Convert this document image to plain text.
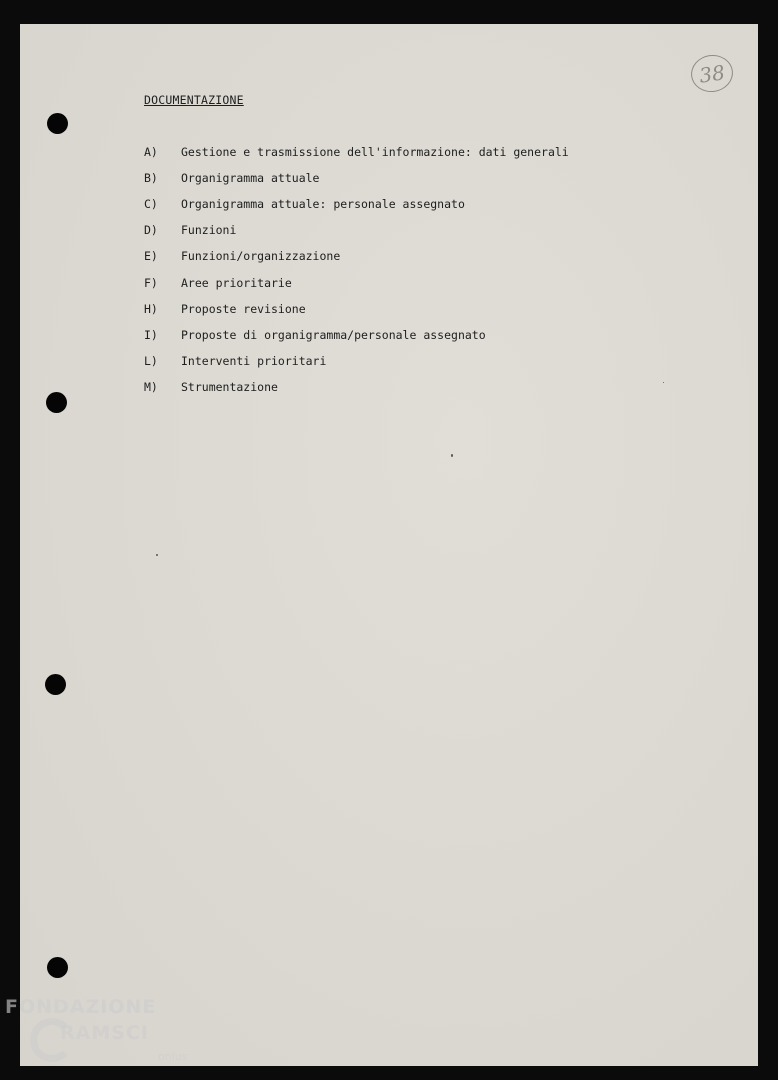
38
DOCUMENTAZIONE
A) Gestione e trasmissione dell'informazione: dati generali
B) Organigramma attuale
C) Organigramma attuale: personale assegnato
D) Funzioni
E) Funzioni/organizzazione
F) Aree prioritarie
H) Proposte revisione
I) Proposte di organigramma/personale assegnato
L) Interventi prioritari
M) Strumentazione
FONDAZIONE
RAMSCI
onlus
